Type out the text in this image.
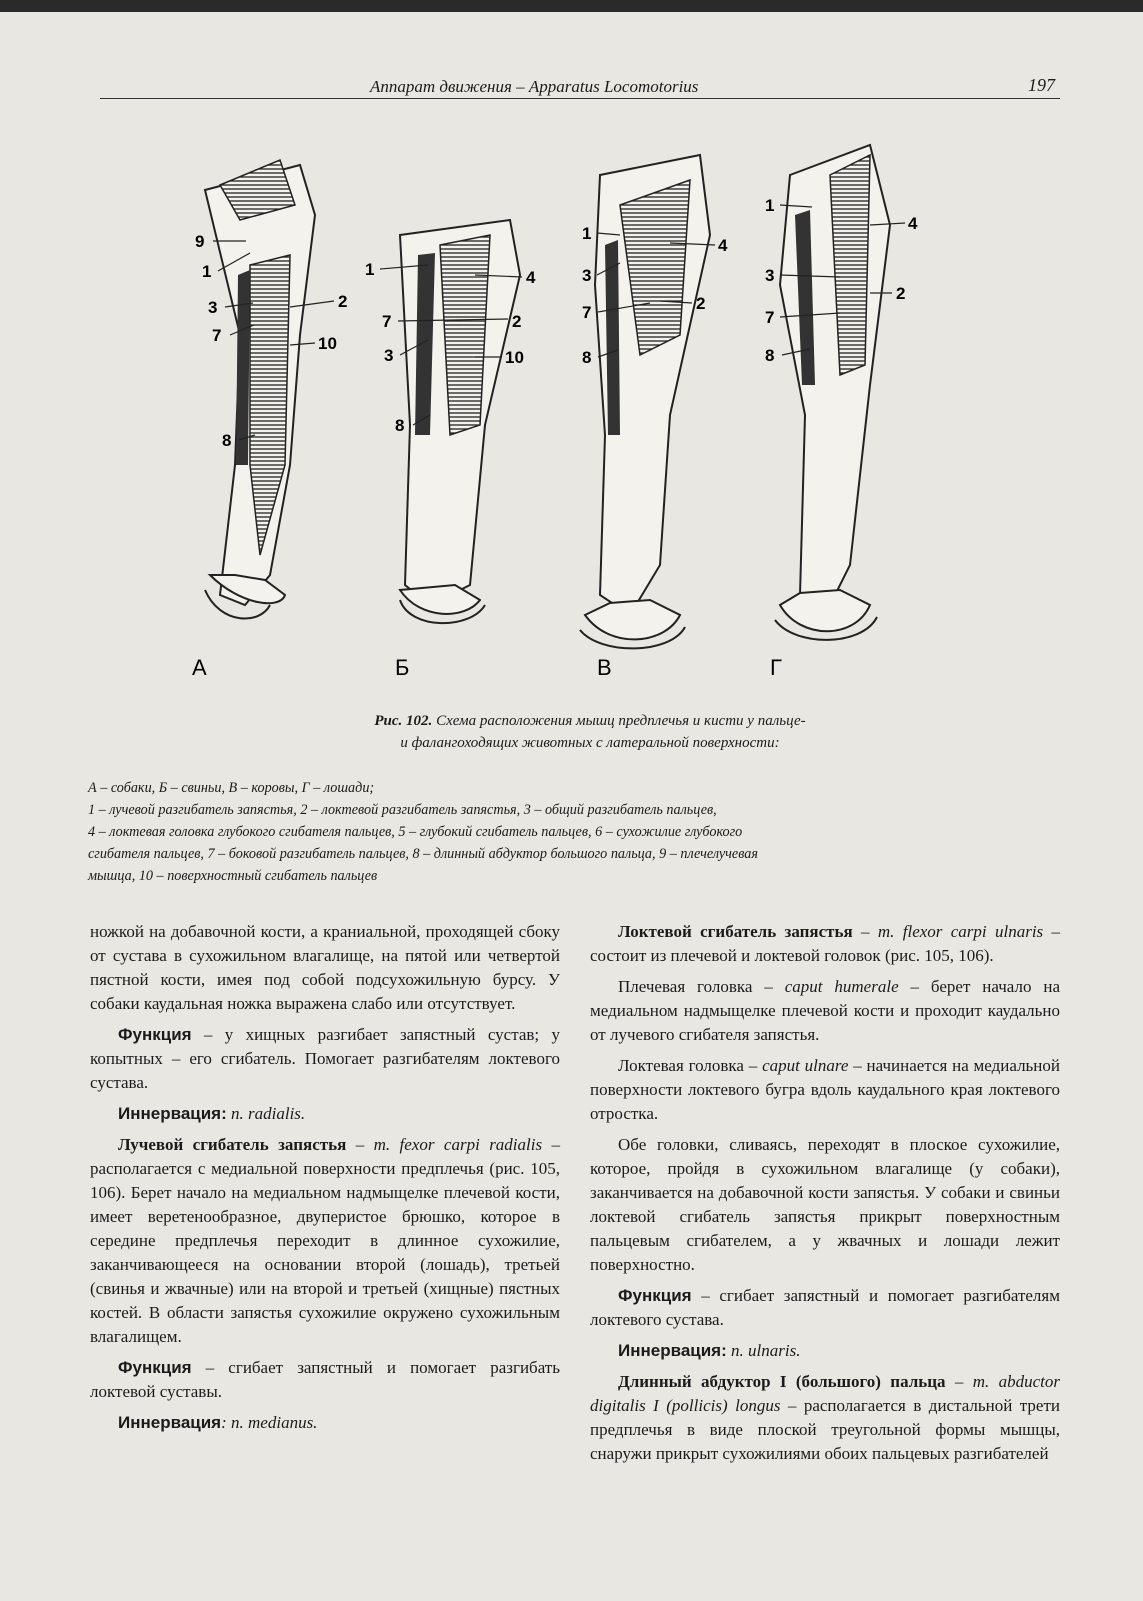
Аппарат движения – Apparatus Locomotorius	197
9
1
3
7
2
10
8
1	4
7	2
3	10
8
1
4
3
2
7
8
1
4
3
2
7
8
А	Б	В	Г
Рис. 102. Схема расположения мышц предплечья и кисти у пальце-
и фалангоходящих животных с латеральной поверхности:

А – собаки, Б – свиньи, В – коровы, Г – лошади;

1 – лучевой разгибатель запястья, 2 – локтевой разгибатель запястья, 3 – общий разгибатель пальцев,

4 – локтевая головка глубокого сгибателя пальцев, 5 – глубокий сгибатель пальцев, 6 – сухожилие глубокого

сгибателя пальцев, 7 – боковой разгибатель пальцев, 8 – длинный абдуктор большого пальца, 9 – плечелучевая

мышца, 10 – поверхностный сгибатель пальцев

ножкой на добавочной кости, а краниальной, проходящей сбоку от сустава в сухожильном влагалище, на пятой или четвертой пястной кости, имея под собой подсухожильную бурсу. У собаки каудальная ножка выражена слабо или отсутствует.

Функция – у хищных разгибает запястный сустав; у копытных – его сгибатель. Помогает разгибателям локтевого сустава.

Иннервация: n. radialis.

Лучевой сгибатель запястья – m. fexor carpi radialis – располагается с медиальной поверхности предплечья (рис. 105, 106). Берет начало на медиальном надмыщелке плечевой кости, имеет веретенообразное, двуперистое брюшко, которое в середине предплечья переходит в длинное сухожилие, заканчивающееся на основании второй (лошадь), третьей (свинья и жвачные) или на второй и третьей (хищные) пястных костей. В области запястья сухожилие окружено сухожильным влагалищем.

Функция – сгибает запястный и помогает разгибать локтевой суставы.

Иннервация: n. medianus.

Локтевой сгибатель запястья – m. flexor carpi ulnaris – состоит из плечевой и локтевой головок (рис. 105, 106).

Плечевая головка – caput humerale – берет начало на медиальном надмыщелке плечевой кости и проходит каудально от лучевого сгибателя запястья.

Локтевая головка – caput ulnare – начинается на медиальной поверхности локтевого бугра вдоль каудального края локтевого отростка.

Обе головки, сливаясь, переходят в плоское сухожилие, которое, пройдя в сухожильном влагалище (у собаки), заканчивается на добавочной кости запястья. У собаки и свиньи локтевой сгибатель запястья прикрыт поверхностным пальцевым сгибателем, а у жвачных и лошади лежит поверхностно.

Функция – сгибает запястный и помогает разгибателям локтевого сустава.

Иннервация: n. ulnaris.

Длинный абдуктор I (большого) пальца – m. abductor digitalis I (pollicis) longus – располагается в дистальной трети предплечья в виде плоской треугольной формы мышцы, снаружи прикрыт сухожилиями обоих пальцевых разгибателей
